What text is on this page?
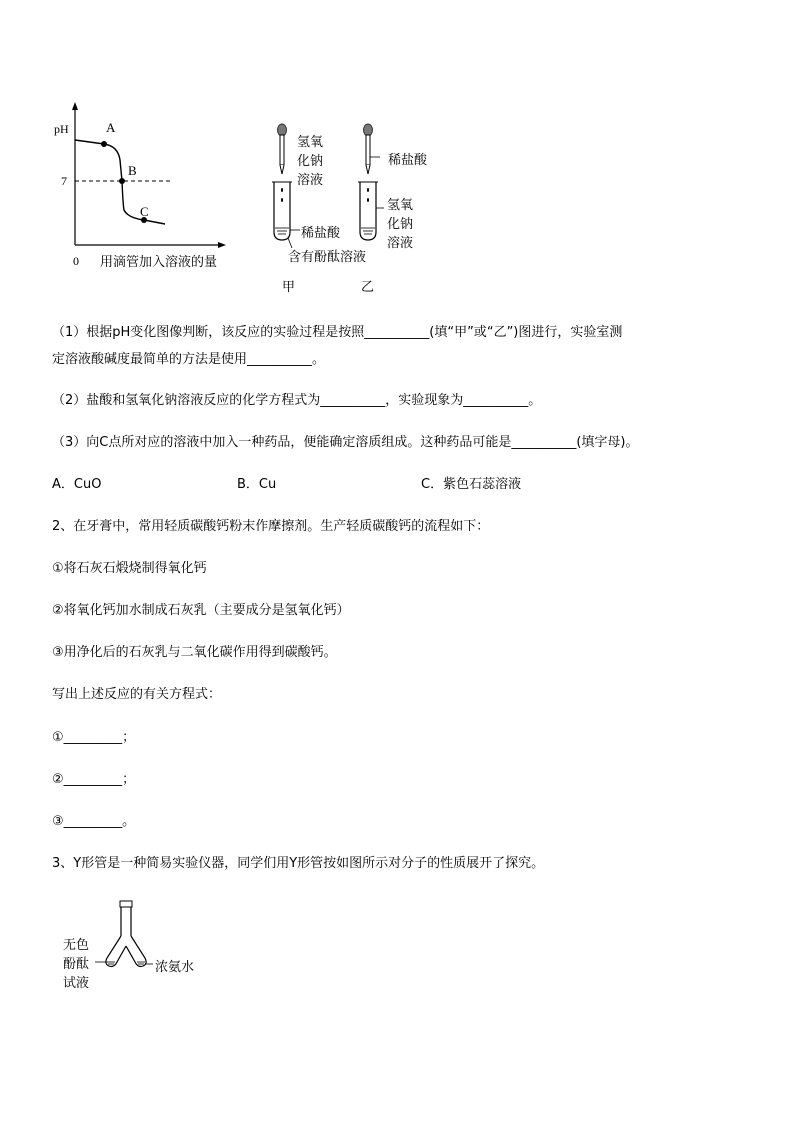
pH
7
0
A
B
C
用滴管加入溶液的量
氢氧
化钠
溶液
稀盐酸
含有酚酞溶液
甲
稀盐酸
氢氧
化钠
溶液
乙
（1）根据pH变化图像判断，该反应的实验过程是按照__________(填“甲”或“乙”)图进行，实验室测
定溶液酸碱度最简单的方法是使用__________。
（2）盐酸和氢氧化钠溶液反应的化学方程式为__________，实验现象为__________。
（3）向C点所对应的溶液中加入一种药品，便能确定溶质组成。这种药品可能是__________(填字母)。
A．CuO	B．Cu	C．紫色石蕊溶液
2、在牙膏中，常用轻质碳酸钙粉末作摩擦剂。生产轻质碳酸钙的流程如下：
①将石灰石煅烧制得氧化钙
②将氧化钙加水制成石灰乳（主要成分是氢氧化钙）
③用净化后的石灰乳与二氧化碳作用得到碳酸钙。
写出上述反应的有关方程式：
①_________；
②_________；
③_________。
3、Y形管是一种简易实验仪器，同学们用Y形管按如图所示对分子的性质展开了探究。
无色
酚酞
试液
浓氨水
